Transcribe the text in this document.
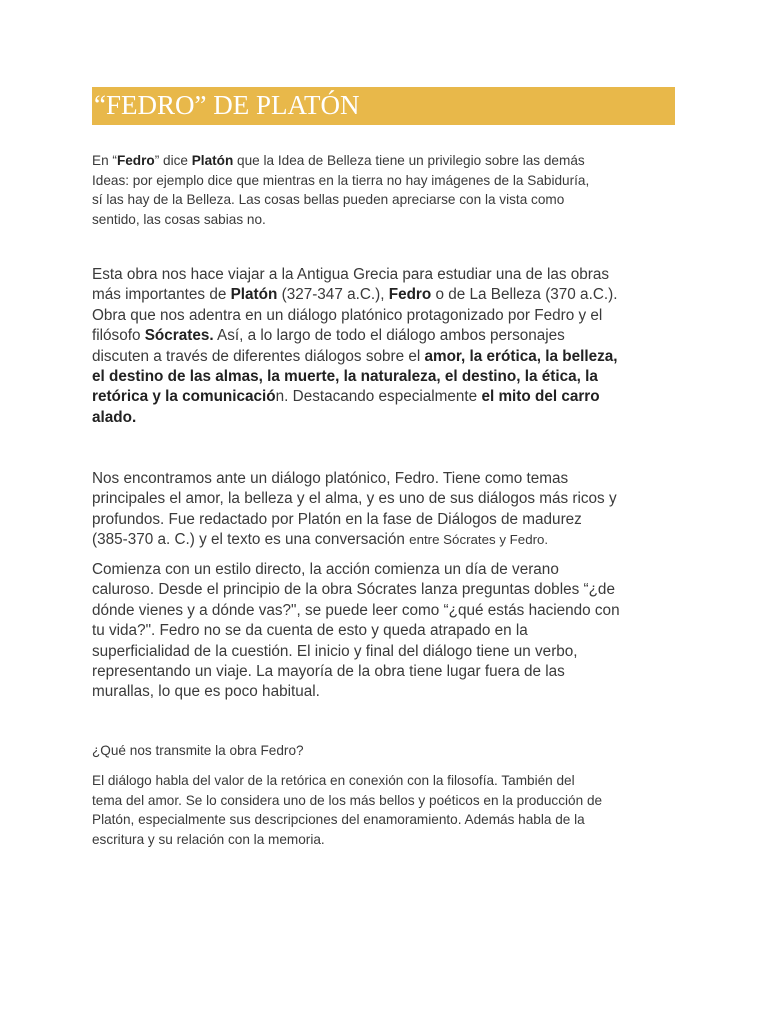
“FEDRO” DE PLATÓN

En “Fedro” dice Platón que la Idea de Belleza tiene un privilegio sobre las demás
Ideas: por ejemplo dice que mientras en la tierra no hay imágenes de la Sabiduría,
sí las hay de la Belleza. Las cosas bellas pueden apreciarse con la vista como
sentido, las cosas sabias no.

Esta obra nos hace viajar a la Antigua Grecia para estudiar una de las obras
más importantes de Platón (327-347 a.C.), Fedro o de La Belleza (370 a.C.).
Obra que nos adentra en un diálogo platónico protagonizado por Fedro y el
filósofo Sócrates. Así, a lo largo de todo el diálogo ambos personajes
discuten a través de diferentes diálogos sobre el amor, la erótica, la belleza,
el destino de las almas, la muerte, la naturaleza, el destino, la ética, la
retórica y la comunicación. Destacando especialmente el mito del carro
alado.

Nos encontramos ante un diálogo platónico, Fedro. Tiene como temas
principales el amor, la belleza y el alma, y es uno de sus diálogos más ricos y
profundos. Fue redactado por Platón en la fase de Diálogos de madurez
(385-370 a. C.) y el texto es una conversación entre Sócrates y Fedro.

Comienza con un estilo directo, la acción comienza un día de verano
caluroso. Desde el principio de la obra Sócrates lanza preguntas dobles “¿de
dónde vienes y a dónde vas?", se puede leer como “¿qué estás haciendo con
tu vida?". Fedro no se da cuenta de esto y queda atrapado en la
superficialidad de la cuestión. El inicio y final del diálogo tiene un verbo,
representando un viaje. La mayoría de la obra tiene lugar fuera de las
murallas, lo que es poco habitual.

¿Qué nos transmite la obra Fedro?

El diálogo habla del valor de la retórica en conexión con la filosofía. También del
tema del amor. Se lo considera uno de los más bellos y poéticos en la producción de
Platón, especialmente sus descripciones del enamoramiento. Además habla de la
escritura y su relación con la memoria.
